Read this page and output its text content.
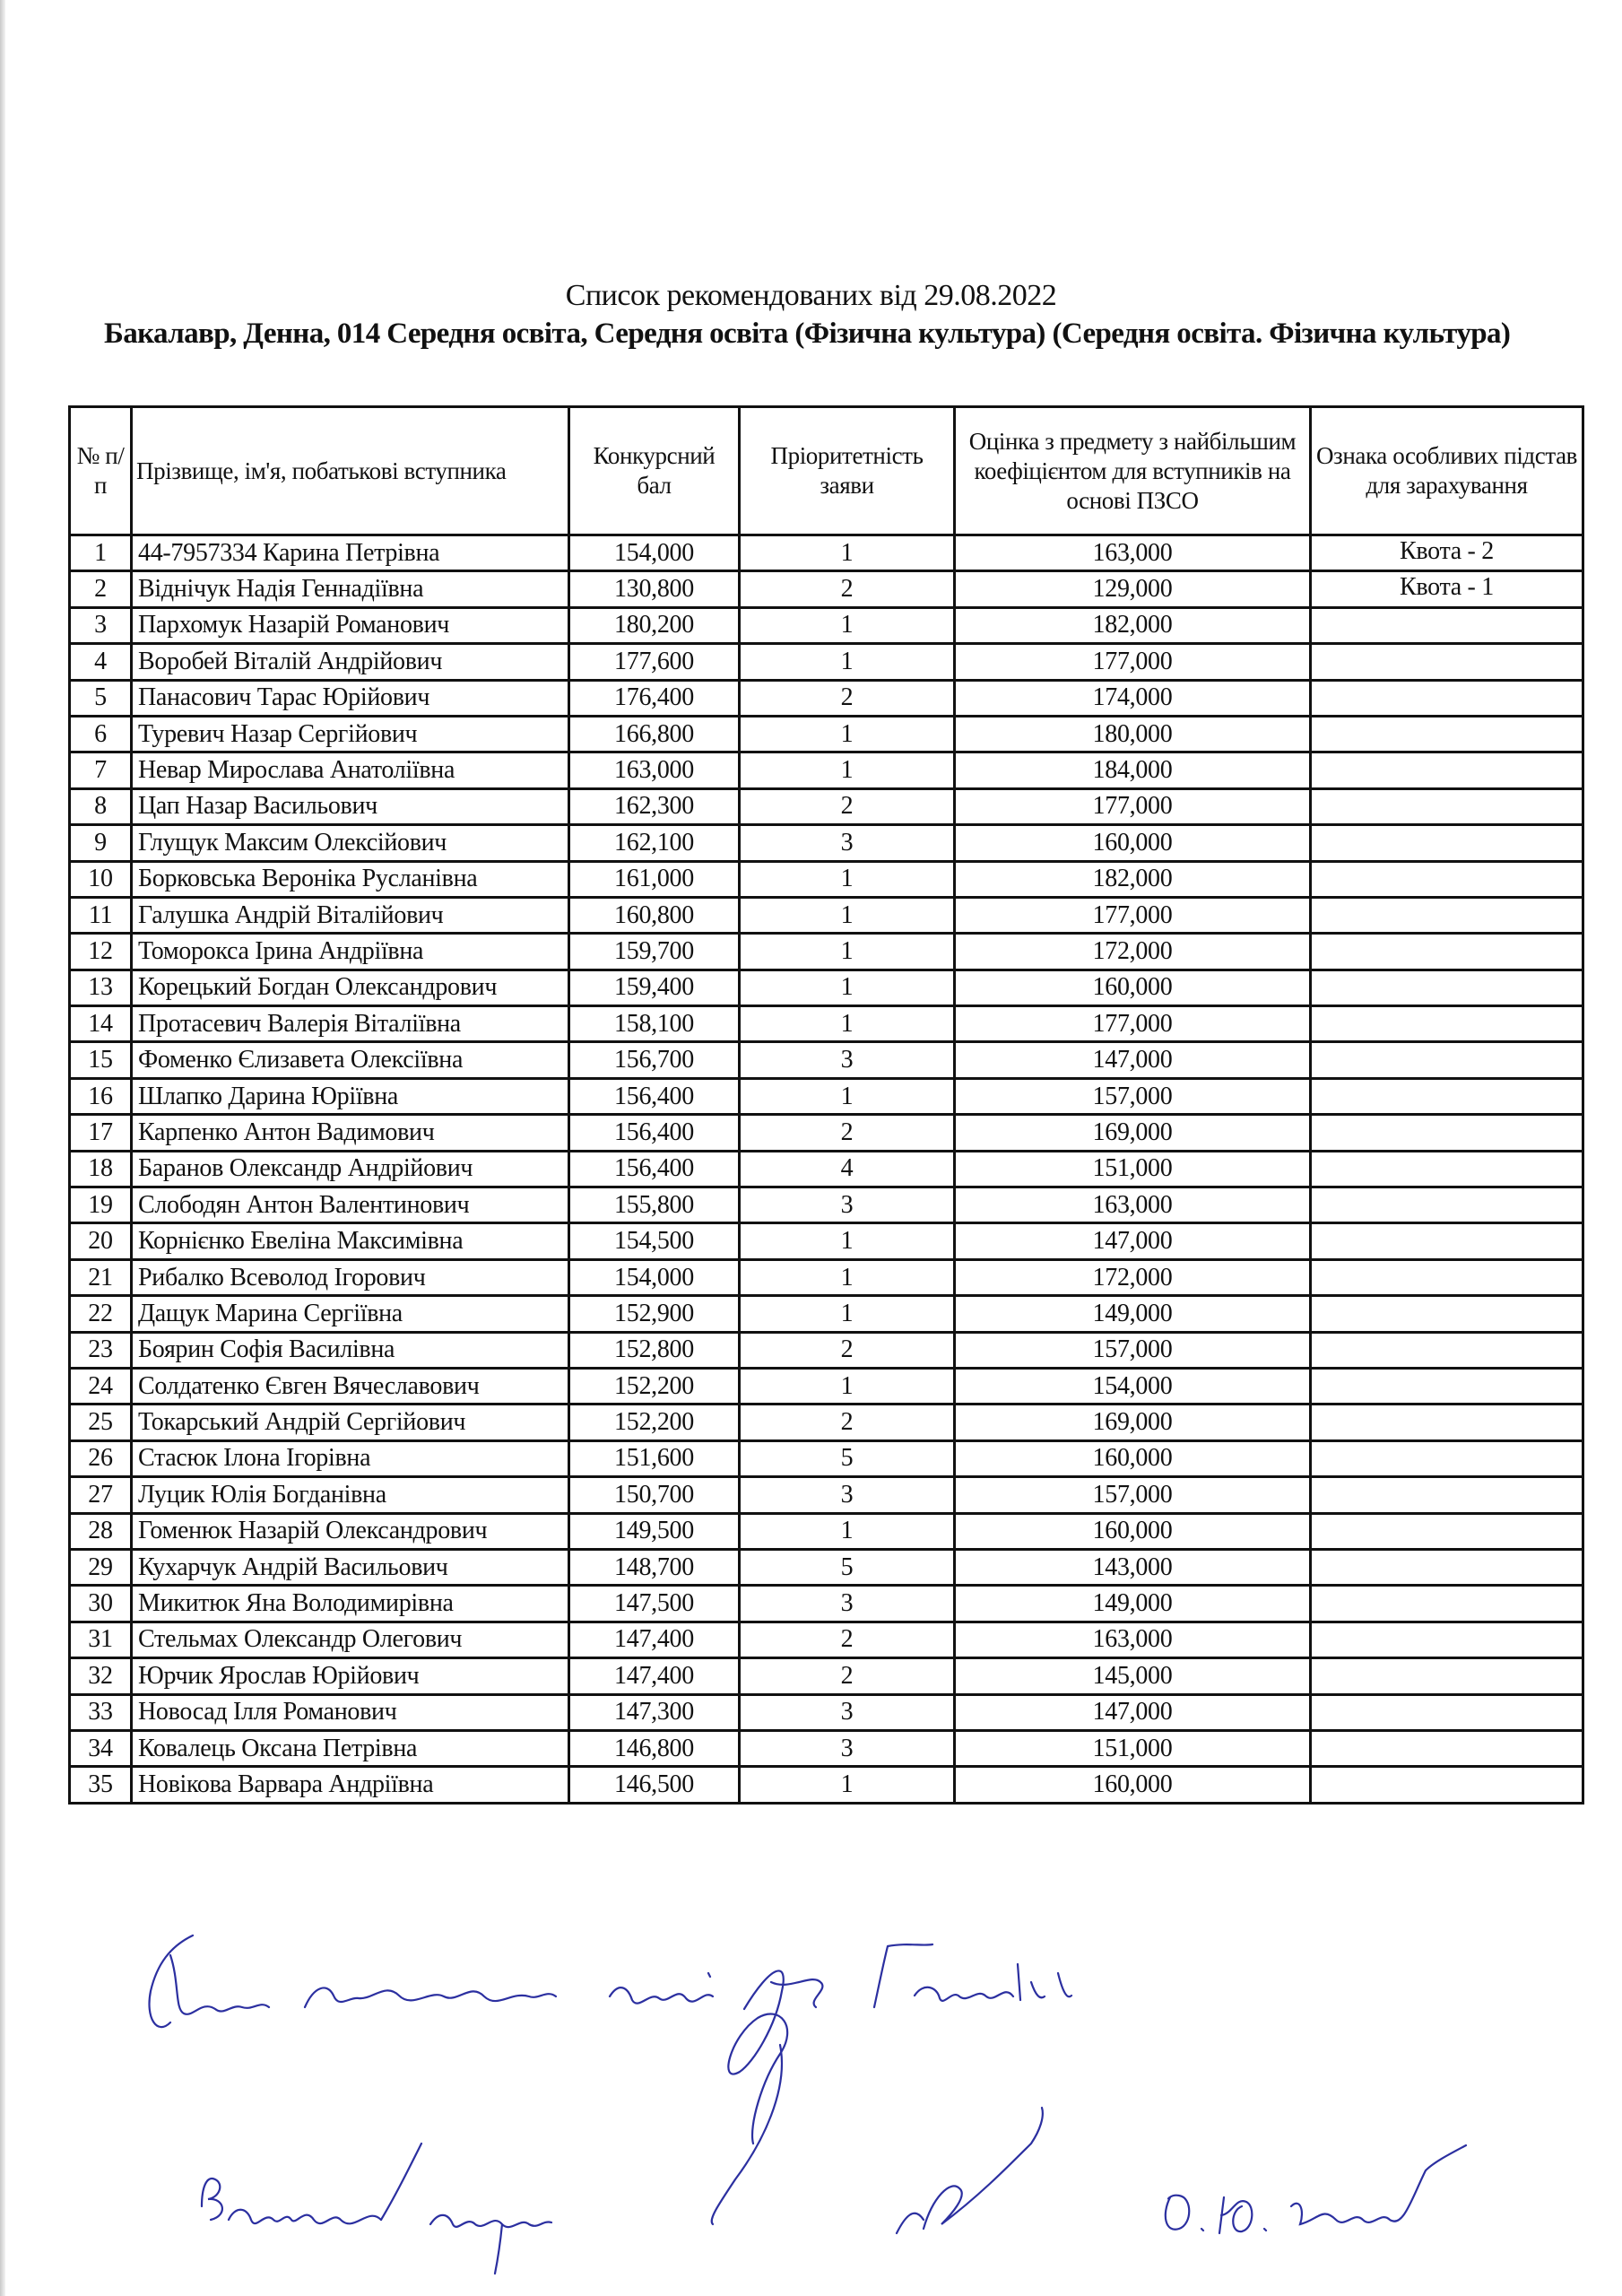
Список рекомендованих від 29.08.2022
Бакалавр, Денна, 014 Середня освіта, Середня освіта (Фізична культура) (Середня освіта. Фізична культура)
№ п/п	Прізвище, ім'я, побатькові вступника	Конкурсний бал	Пріоритетність заяви	Оцінка з предмету з найбільшим коефіцієнтом для вступників на основі ПЗСО	Ознака особливих підстав для зарахування
1	44-7957334 Карина Петрівна	154,000	1	163,000	Квота - 2
2	Віднічук Надія Геннадіївна	130,800	2	129,000	Квота - 1
3	Пархомук Назарій Романович	180,200	1	182,000	
4	Воробей Віталій Андрійович	177,600	1	177,000	
5	Панасович Тарас Юрійович	176,400	2	174,000	
6	Туревич Назар Сергійович	166,800	1	180,000	
7	Невар Мирослава Анатоліївна	163,000	1	184,000	
8	Цап Назар Васильович	162,300	2	177,000	
9	Глущук Максим Олексійович	162,100	3	160,000	
10	Борковська Вероніка Русланівна	161,000	1	182,000	
11	Галушка Андрій Віталійович	160,800	1	177,000	
12	Томорокса Ірина Андріївна	159,700	1	172,000	
13	Корецький Богдан Олександрович	159,400	1	160,000	
14	Протасевич Валерія Віталіївна	158,100	1	177,000	
15	Фоменко Єлизавета Олексіївна	156,700	3	147,000	
16	Шлапко Дарина Юріївна	156,400	1	157,000	
17	Карпенко Антон Вадимович	156,400	2	169,000	
18	Баранов Олександр Андрійович	156,400	4	151,000	
19	Слободян Антон Валентинович	155,800	3	163,000	
20	Корнієнко Евеліна Максимівна	154,500	1	147,000	
21	Рибалко Всеволод Ігорович	154,000	1	172,000	
22	Дащук Марина Сергіївна	152,900	1	149,000	
23	Боярин Софія Василівна	152,800	2	157,000	
24	Солдатенко Євген Вячеславович	152,200	1	154,000	
25	Токарський Андрій Сергійович	152,200	2	169,000	
26	Стасюк Ілона Ігорівна	151,600	5	160,000	
27	Луцик Юлія Богданівна	150,700	3	157,000	
28	Гоменюк Назарій Олександрович	149,500	1	160,000	
29	Кухарчук Андрій Васильович	148,700	5	143,000	
30	Микитюк Яна Володимирівна	147,500	3	149,000	
31	Стельмах Олександр Олегович	147,400	2	163,000	
32	Юрчик Ярослав Юрійович	147,400	2	145,000	
33	Новосад Ілля Романович	147,300	3	147,000	
34	Ковалець Оксана Петрівна	146,800	3	151,000	
35	Новікова Варвара Андріївна	146,500	1	160,000	
